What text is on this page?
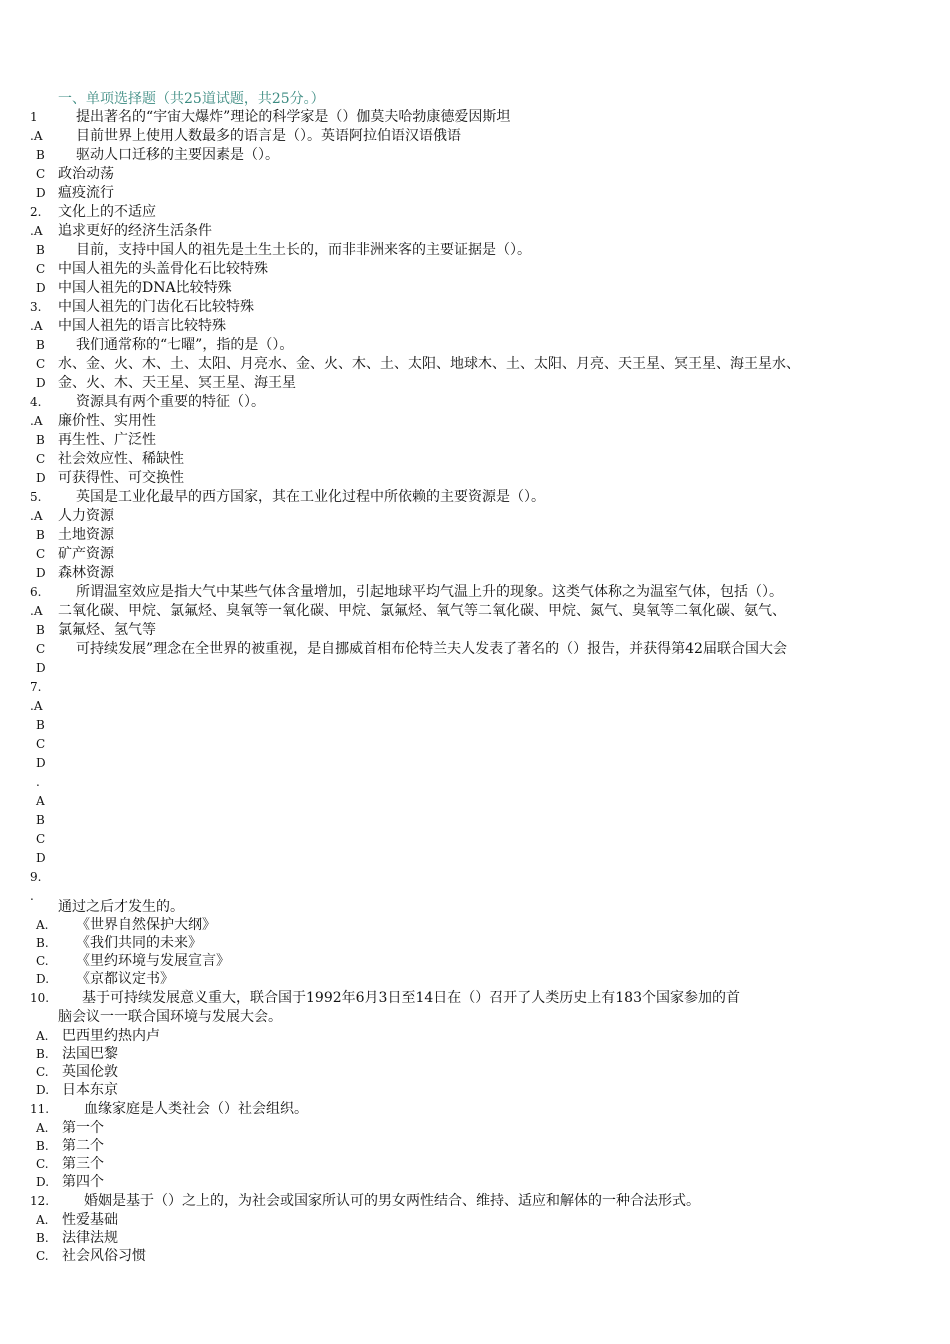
一、单项选择题（共25道试题，共25分。）
1
.A
B
C
D
2.
.A
B
C
D
3.
.A
B
C
D
4.
.A
B
C
D
5.
.A
B
C
D
6.
.A
B
C
D
7.
.A
B
C
D
.
A
B
C
D
9.
.
提出著名的“宇宙大爆炸”理论的科学家是（）伽莫夫哈勃康德爱因斯坦
目前世界上使用人数最多的语言是（）。英语阿拉伯语汉语俄语
驱动人口迁移的主要因素是（）。
政治动荡
瘟疫流行
文化上的不适应
追求更好的经济生活条件
目前，支持中国人的祖先是土生土长的，而非非洲来客的主要证据是（）。
中国人祖先的头盖骨化石比较特殊
中国人祖先的DNA比较特殊
中国人祖先的门齿化石比较特殊
中国人祖先的语言比较特殊
我们通常称的“七曜”，指的是（）。
水、金、火、木、土、太阳、月亮水、金、火、木、土、太阳、地球木、土、太阳、月亮、天王星、冥王星、海王星水、
金、火、木、天王星、冥王星、海王星
资源具有两个重要的特征（）。
廉价性、实用性
再生性、广泛性
社会效应性、稀缺性
可获得性、可交换性
英国是工业化最早的西方国家，其在工业化过程中所依赖的主要资源是（）。
人力资源
土地资源
矿产资源
森林资源
所谓温室效应是指大气中某些气体含量增加，引起地球平均气温上升的现象。这类气体称之为温室气体，包括（）。
二氧化碳、甲烷、氯氟烃、臭氧等一氧化碳、甲烷、氯氟烃、氧气等二氧化碳、甲烷、氮气、臭氧等二氧化碳、氨气、
氯氟烃、氢气等
可持续发展”理念在全世界的被重视，是自挪威首相布伦特兰夫人发表了著名的（）报告，并获得第42届联合国大会
通过之后才发生的。
A. 《世界自然保护大纲》
B. 《我们共同的未来》
C. 《里约环境与发展宣言》
D. 《京都议定书》
10. 基于可持续发展意义重大，联合国于1992年6月3日至14日在（）召开了人类历史上有183个国家参加的首
脑会议一一联合国环境与发展大会。
A. 巴西里约热内卢
B. 法国巴黎
C. 英国伦敦
D. 日本东京
11. 血缘家庭是人类社会（）社会组织。
A. 第一个
B. 第二个
C. 第三个
D. 第四个
12. 婚姻是基于（）之上的，为社会或国家所认可的男女两性结合、维持、适应和解体的一种合法形式。
A. 性爱基础
B. 法律法规
C. 社会风俗习惯
